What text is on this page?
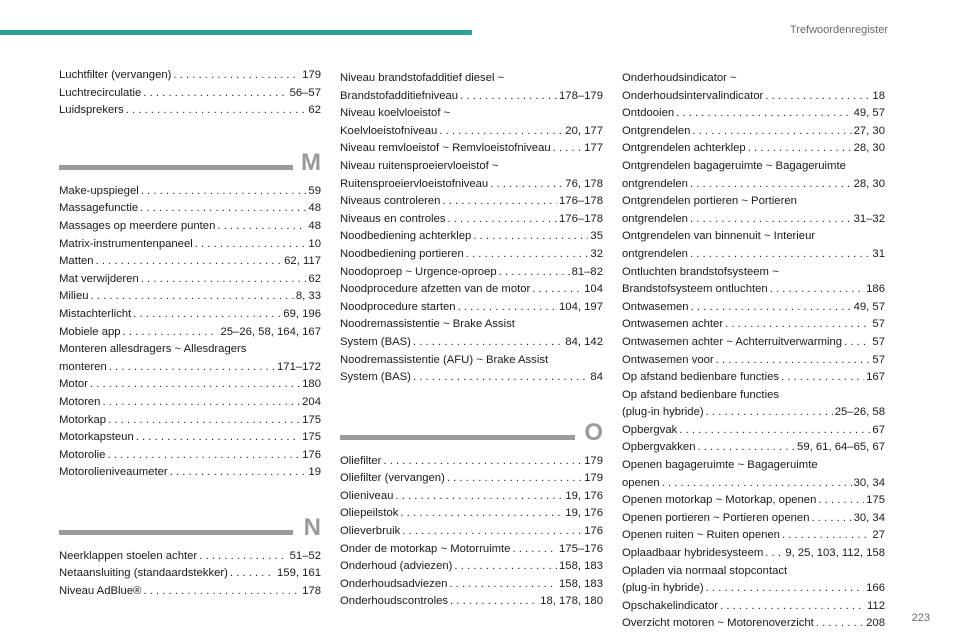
Trefwoordenregister
223
Luchtfilter (vervangen) . . .	179
Luchtrecirculatie . . .	56–57
Luidsprekers . . .	62
M
Make-upspiegel . . .	59
Massagefunctie . . .	48
Massages op meerdere punten . . .	48
Matrix-instrumentenpaneel . . .	10
Matten . . .	62, 117
Mat verwijderen . . .	62
Milieu . . .	8, 33
Mistachterlicht . . .	69, 196
Mobiele app . . .	25–26, 58, 164, 167
Monteren allesdragers ~ Allesdragers
monteren . . .	171–172
Motor . . .	180
Motoren . . .	204
Motorkap . . .	175
Motorkapsteun . . .	175
Motorolie . . .	176
Motorolieniveaumeter . . .	19
N
Neerklappen stoelen achter . . .	51–52
Netaansluiting (standaardstekker) . . .	159, 161
Niveau AdBlue® . . .	178
Niveau brandstofadditief diesel ~
Brandstofadditiefniveau . . .	178–179
Niveau koelvloeistof ~
Koelvloeistofniveau . . .	20, 177
Niveau remvloeistof ~ Remvloeistofniveau . . .	177
Niveau ruitensproeiervloeistof ~
Ruitensproeiervloeistofniveau . . .	76, 178
Niveaus controleren . . .	176–178
Niveaus en controles . . .	176–178
Noodbediening achterklep . . .	35
Noodbediening portieren . . .	32
Noodoproep ~ Urgence-oproep . . .	81–82
Noodprocedure afzetten van de motor . . .	104
Noodprocedure starten . . .	104, 197
Noodremassistentie ~ Brake Assist
System (BAS) . . .	84, 142
Noodremassistentie (AFU) ~ Brake Assist
System (BAS) . . .	84
O
Oliefilter . . .	179
Oliefilter (vervangen) . . .	179
Olieniveau . . .	19, 176
Oliepeilstok . . .	19, 176
Olieverbruik . . .	176
Onder de motorkap ~ Motorruimte . . .	175–176
Onderhoud (adviezen) . . .	158, 183
Onderhoudsadviezen . . .	158, 183
Onderhoudscontroles . . .	18, 178, 180
Onderhoudsindicator ~
Onderhoudsintervalindicator . . .	18
Ontdooien . . .	49, 57
Ontgrendelen . . .	27, 30
Ontgrendelen achterklep . . .	28, 30
Ontgrendelen bagageruimte ~ Bagageruimte
ontgrendelen . . .	28, 30
Ontgrendelen portieren ~ Portieren
ontgrendelen . . .	31–32
Ontgrendelen van binnenuit ~ Interieur
ontgrendelen . . .	31
Ontluchten brandstofsysteem ~
Brandstofsysteem ontluchten . . .	186
Ontwasemen . . .	49, 57
Ontwasemen achter . . .	57
Ontwasemen achter ~ Achterruitverwarming . . .	57
Ontwasemen voor . . .	57
Op afstand bedienbare functies . . .	167
Op afstand bedienbare functies
(plug-in hybride) . . .	25–26, 58
Opbergvak . . .	67
Opbergvakken . . .	59, 61, 64–65, 67
Openen bagageruimte ~ Bagageruimte
openen . . .	30, 34
Openen motorkap ~ Motorkap, openen . . .	175
Openen portieren ~ Portieren openen . . .	30, 34
Openen ruiten ~ Ruiten openen . . .	27
Oplaadbaar hybridesysteem . . . 9, 25, 103, 112, 158
Opladen via normaal stopcontact
(plug-in hybride) . . .	166
Opschakelindicator . . .	112
Overzicht motoren ~ Motorenoverzicht . . .	208
